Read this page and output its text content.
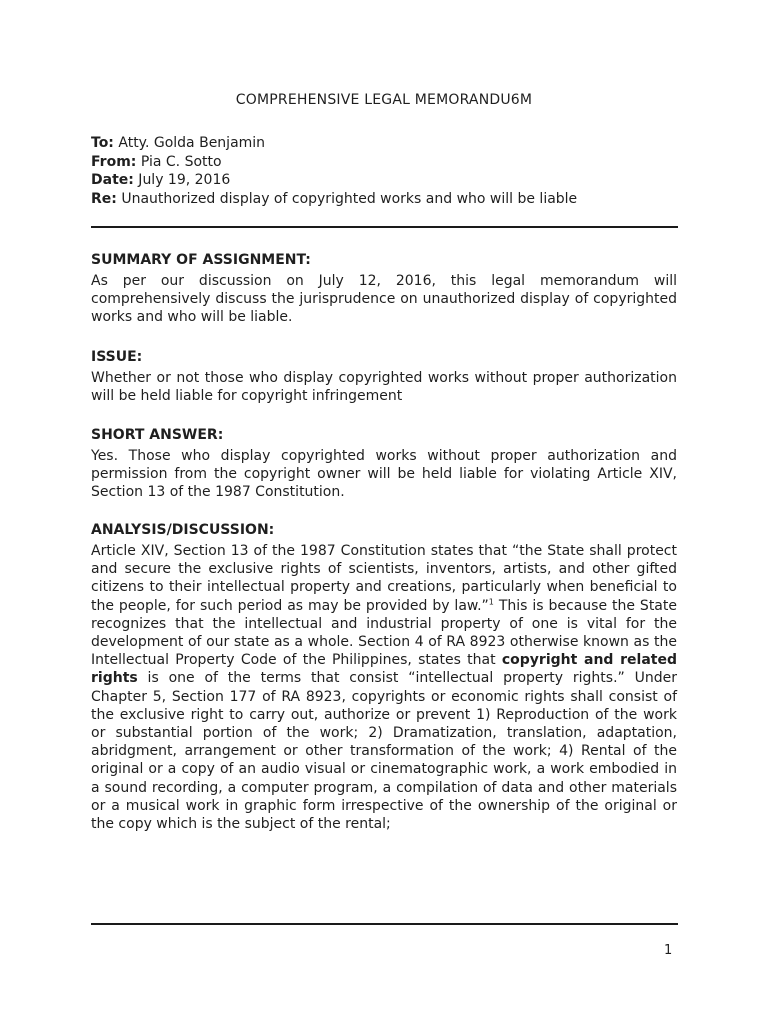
COMPREHENSIVE LEGAL MEMORANDU6M
To: Atty. Golda Benjamin
From: Pia C. Sotto
Date: July 19, 2016
Re: Unauthorized display of copyrighted works and who will be liable
SUMMARY OF ASSIGNMENT:
As per our discussion on July 12, 2016, this legal memorandum will comprehensively discuss the jurisprudence on unauthorized display of copyrighted works and who will be liable.
ISSUE:
Whether or not those who display copyrighted works without proper authorization will be held liable for copyright infringement
SHORT ANSWER:
Yes. Those who display copyrighted works without proper authorization and permission from the copyright owner will be held liable for violating Article XIV, Section 13 of the 1987 Constitution.
ANALYSIS/DISCUSSION:
Article XIV, Section 13 of the 1987 Constitution states that “the State shall protect and secure the exclusive rights of scientists, inventors, artists, and other gifted citizens to their intellectual property and creations, particularly when beneficial to the people, for such period as may be provided by law.”$^1$ This is because the State recognizes that the intellectual and industrial property of one is vital for the development of our state as a whole. Section 4 of RA 8923 otherwise known as the Intellectual Property Code of the Philippines, states that copyright and related rights is one of the terms that consist “intellectual property rights.” Under Chapter 5, Section 177 of RA 8923, copyrights or economic rights shall consist of the exclusive right to carry out, authorize or prevent 1) Reproduction of the work or substantial portion of the work; 2) Dramatization, translation, adaptation, abridgment, arrangement or other transformation of the work; 4) Rental of the original or a copy of an audio visual or cinematographic work, a work embodied in a sound recording, a computer program, a compilation of data and other materials or a musical work in graphic form irrespective of the ownership of the original or the copy which is the subject of the rental;
1
